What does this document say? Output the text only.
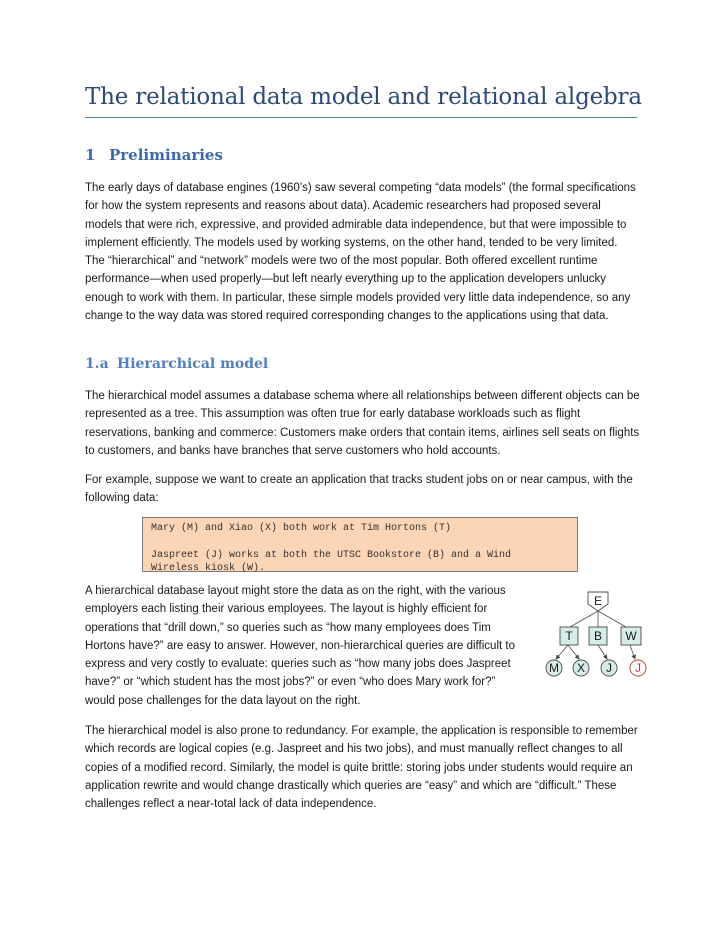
The relational data model and relational algebra
1 Preliminaries

The early days of database engines (1960’s) saw several competing “data models” (the formal specifications for how the system represents and reasons about data). Academic researchers had proposed several models that were rich, expressive, and provided admirable data independence, but that were impossible to implement efficiently. The models used by working systems, on the other hand, tended to be very limited. The “hierarchical” and “network” models were two of the most popular. Both offered excellent runtime performance—when used properly—but left nearly everything up to the application developers unlucky enough to work with them. In particular, these simple models provided very little data independence, so any change to the way data was stored required corresponding changes to the applications using that data.

1.a Hierarchical model

The hierarchical model assumes a database schema where all relationships between different objects can be represented as a tree. This assumption was often true for early database workloads such as flight reservations, banking and commerce: Customers make orders that contain items, airlines sell seats on flights to customers, and banks have branches that serve customers who hold accounts.

For example, suppose we want to create an application that tracks student jobs on or near campus, with the following data:

Mary (M) and Xiao (X) both work at Tim Hortons (T)
Jaspreet (J) works at both the UTSC Bookstore (B) and a Wind
Wireless kiosk (W).

A hierarchical database layout might store the data as on the right, with the various employers each listing their various employees. The layout is highly efficient for operations that “drill down,” so queries such as “how many employees does Tim Hortons have?” are easy to answer. However, non-hierarchical queries are difficult to express and very costly to evaluate: queries such as “how many jobs does Jaspreet have?” or “which student has the most jobs?” or even “who does Mary work for?” would pose challenges for the data layout on the right.

E
T B W
M X J J

The hierarchical model is also prone to redundancy. For example, the application is responsible to remember which records are logical copies (e.g. Jaspreet and his two jobs), and must manually reflect changes to all copies of a modified record. Similarly, the model is quite brittle: storing jobs under students would require an application rewrite and would change drastically which queries are “easy” and which are “difficult.” These challenges reflect a near-total lack of data independence.
